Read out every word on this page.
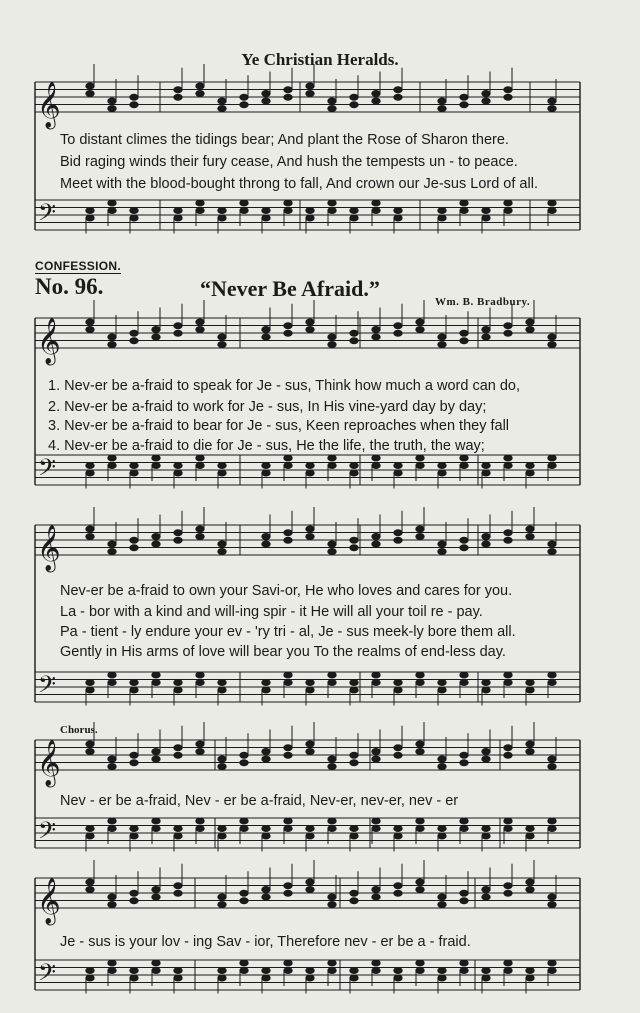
𝄞
𝄢
𝄞
𝄢
𝄞
𝄢
𝄞
𝄢
𝄞
𝄢
Ye Christian Heralds.
To distant climes the tidings bear; And plant the Rose of Sharon there.
Bid raging winds their fury cease, And hush the tempests un - to peace.
Meet with the blood-bought throng to fall, And crown our Je-sus Lord of all.
CONFESSION.
No. 96.	“Never Be Afraid.”
Wm. B. Bradbury.
1. Nev-er be a-fraid to speak for Je - sus, Think how much a word can do,
2. Nev-er be a-fraid to work for Je - sus, In His vine-yard day by day;
3. Nev-er be a-fraid to bear for Je - sus, Keen reproaches when they fall
4. Nev-er be a-fraid to die for Je - sus, He the life, the truth, the way;
Nev-er be a-fraid to own your Savi-or, He who loves and cares for you.
La - bor with a kind and will-ing spir - it He will all your toil re - pay.
Pa - tient - ly endure your ev - 'ry tri - al, Je - sus meek-ly bore them all.
Gently in His arms of love will bear you To the realms of end-less day.
Chorus.
Nev - er be a-fraid, Nev - er be a-fraid, Nev-er, nev-er, nev - er
Je - sus is your lov - ing Sav - ior, Therefore nev - er be a - fraid.
